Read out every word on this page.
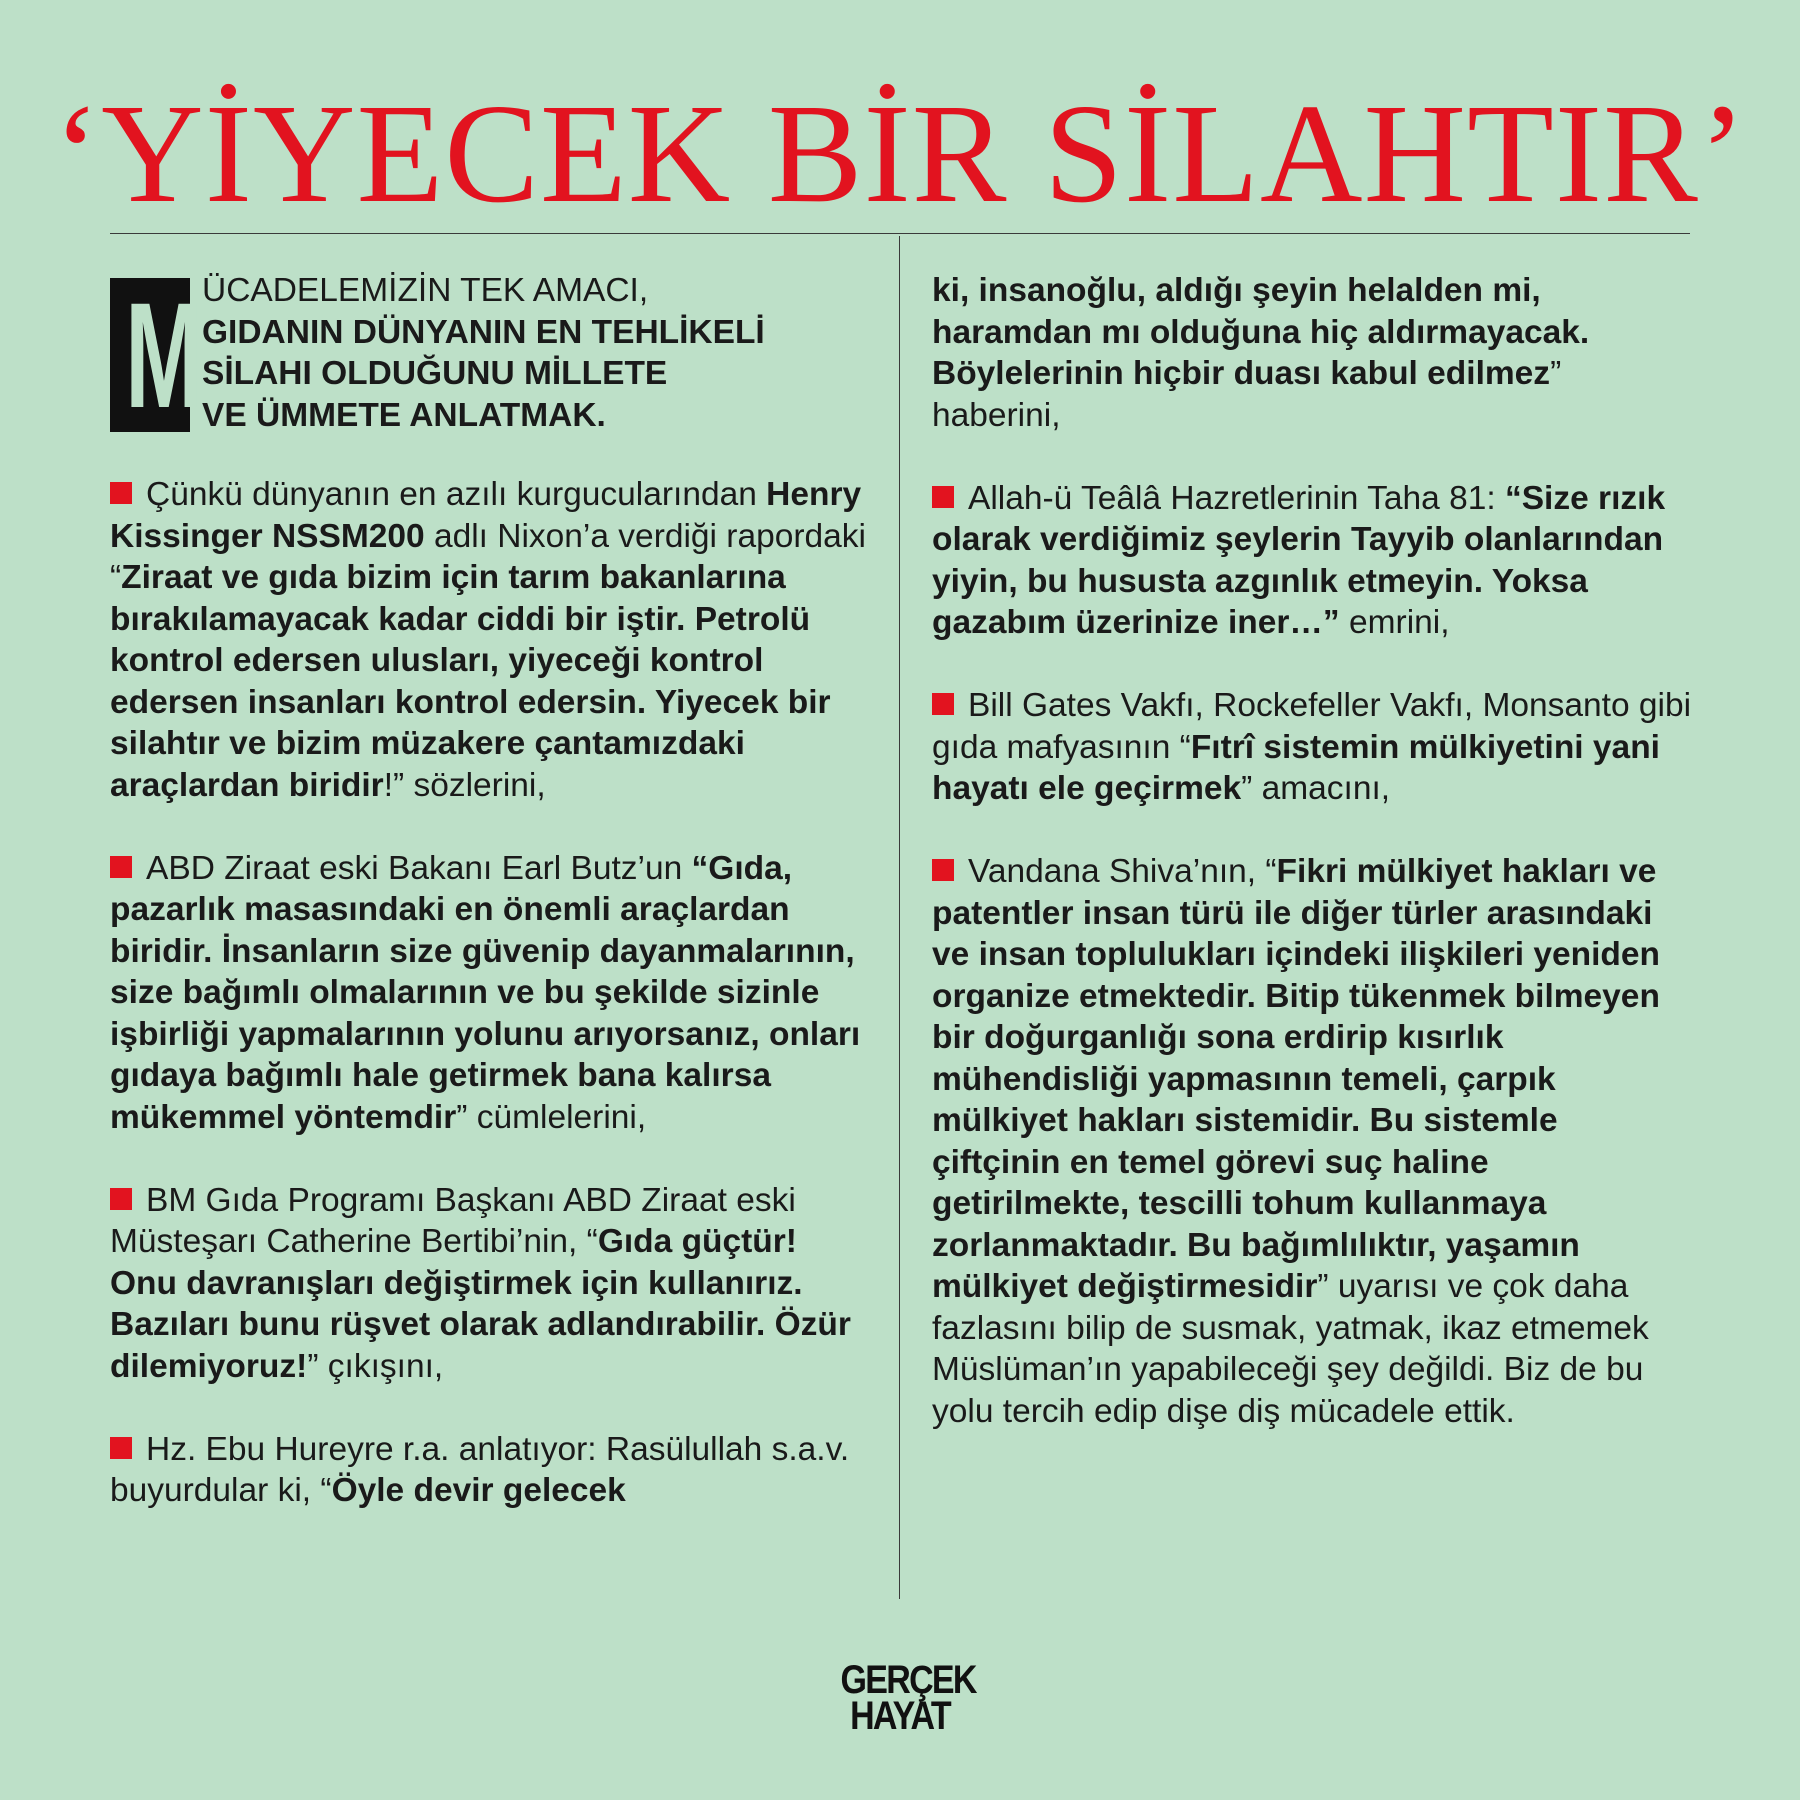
‘YİYECEK BİR SİLAHTIR’
M ÜCADELEMİZİN TEK AMACI,
GIDANIN DÜNYANIN EN TEHLİKELİ
SİLAHI OLDUĞUNU MİLLETE
VE ÜMMETE ANLATMAK.

Çünkü dünyanın en azılı kurgucularından Henry Kissinger NSSM200 adlı Nixon’a verdiği rapordaki “Ziraat ve gıda bizim için tarım bakanlarına bırakılamayacak kadar ciddi bir iştir. Petrolü kontrol edersen ulusları, yiyeceği kontrol edersen insanları kontrol edersin. Yiyecek bir silahtır ve bizim müzakere çantamızdaki araçlardan biridir!” sözlerini,

ABD Ziraat eski Bakanı Earl Butz’un “Gıda, pazarlık masasındaki en önemli araçlardan biridir. İnsanların size güvenip dayanmalarının, size bağımlı olmalarının ve bu şekilde sizinle işbirliği yapmalarının yolunu arıyorsanız, onları gıdaya bağımlı hale getirmek bana kalırsa mükemmel yöntemdir” cümlelerini,

BM Gıda Programı Başkanı ABD Ziraat eski Müsteşarı Catherine Bertibi’nin, “Gıda güçtür! Onu davranışları değiştirmek için kullanırız. Bazıları bunu rüşvet olarak adlandırabilir. Özür dilemiyoruz!” çıkışını,

Hz. Ebu Hureyre r.a. anlatıyor: Rasülullah s.a.v. buyurdular ki, “Öyle devir gelecek

ki, insanoğlu, aldığı şeyin helalden mi, haramdan mı olduğuna hiç aldırmayacak. Böylelerinin hiçbir duası kabul edilmez” haberini,

Allah-ü Teâlâ Hazretlerinin Taha 81: “Size rızık olarak verdiğimiz şeylerin Tayyib olanlarından yiyin, bu hususta azgınlık etmeyin. Yoksa gazabım üzerinize iner…” emrini,

Bill Gates Vakfı, Rockefeller Vakfı, Monsanto gibi gıda mafyasının “Fıtrî sistemin mülkiyetini yani hayatı ele geçirmek” amacını,

Vandana Shiva’nın, “Fikri mülkiyet hakları ve patentler insan türü ile diğer türler arasındaki ve insan toplulukları içindeki ilişkileri yeniden organize etmektedir. Bitip tükenmek bilmeyen bir doğurganlığı sona erdirip kısırlık mühendisliği yapmasının temeli, çarpık mülkiyet hakları sistemidir. Bu sistemle çiftçinin en temel görevi suç haline getirilmekte, tescilli tohum kullanmaya zorlanmaktadır. Bu bağımlılıktır, yaşamın mülkiyet değiştirmesidir” uyarısı ve çok daha fazlasını bilip de susmak, yatmak, ikaz etmemek Müslüman’ın yapabileceği şey değildi. Biz de bu yolu tercih edip dişe diş mücadele ettik.

GERÇEK
HAYAT
